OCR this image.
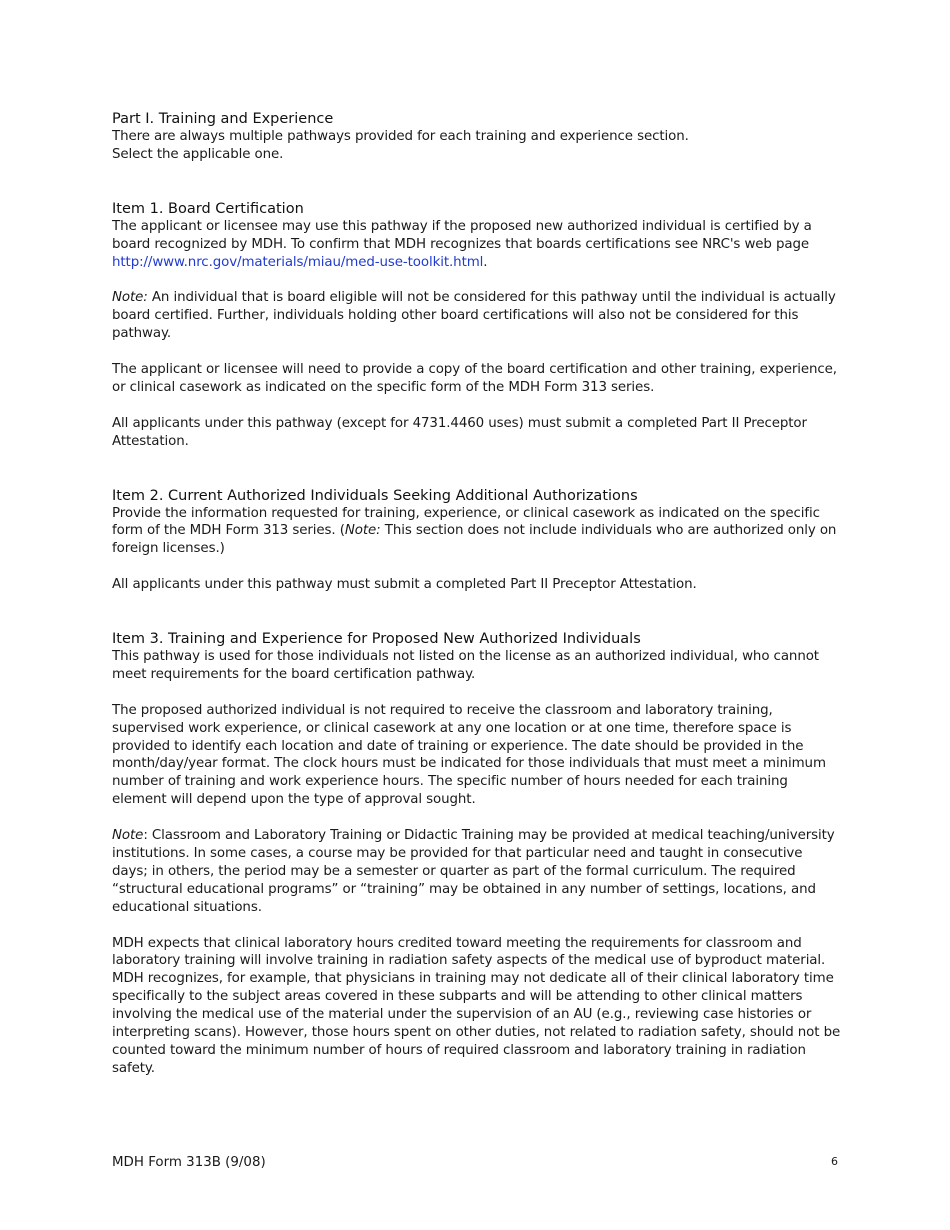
Part I. Training and Experience

There are always multiple pathways provided for each training and experience section.

Select the applicable one.

Item 1. Board Certification

The applicant or licensee may use this pathway if the proposed new authorized individual is certified by a board recognized by MDH. To confirm that MDH recognizes that boards certifications see NRC's web page http://www.nrc.gov/materials/miau/med-use-toolkit.html.

Note: An individual that is board eligible will not be considered for this pathway until the individual is actually board certified. Further, individuals holding other board certifications will also not be considered for this pathway.

The applicant or licensee will need to provide a copy of the board certification and other training, experience, or clinical casework as indicated on the specific form of the MDH Form 313 series.

All applicants under this pathway (except for 4731.4460 uses) must submit a completed Part II Preceptor Attestation.

Item 2. Current Authorized Individuals Seeking Additional Authorizations

Provide the information requested for training, experience, or clinical casework as indicated on the specific form of the MDH Form 313 series. (Note: This section does not include individuals who are authorized only on foreign licenses.)

All applicants under this pathway must submit a completed Part II Preceptor Attestation.

Item 3. Training and Experience for Proposed New Authorized Individuals

This pathway is used for those individuals not listed on the license as an authorized individual, who cannot meet requirements for the board certification pathway.

The proposed authorized individual is not required to receive the classroom and laboratory training, supervised work experience, or clinical casework at any one location or at one time, therefore space is provided to identify each location and date of training or experience. The date should be provided in the month/day/year format. The clock hours must be indicated for those individuals that must meet a minimum number of training and work experience hours. The specific number of hours needed for each training element will depend upon the type of approval sought.

Note: Classroom and Laboratory Training or Didactic Training may be provided at medical teaching/university institutions. In some cases, a course may be provided for that particular need and taught in consecutive days; in others, the period may be a semester or quarter as part of the formal curriculum. The required “structural educational programs” or “training” may be obtained in any number of settings, locations, and educational situations.

MDH expects that clinical laboratory hours credited toward meeting the requirements for classroom and laboratory training will involve training in radiation safety aspects of the medical use of byproduct material. MDH recognizes, for example, that physicians in training may not dedicate all of their clinical laboratory time specifically to the subject areas covered in these subparts and will be attending to other clinical matters involving the medical use of the material under the supervision of an AU (e.g., reviewing case histories or interpreting scans). However, those hours spent on other duties, not related to radiation safety, should not be counted toward the minimum number of hours of required classroom and laboratory training in radiation safety.

MDH Form 313B (9/08)	6
